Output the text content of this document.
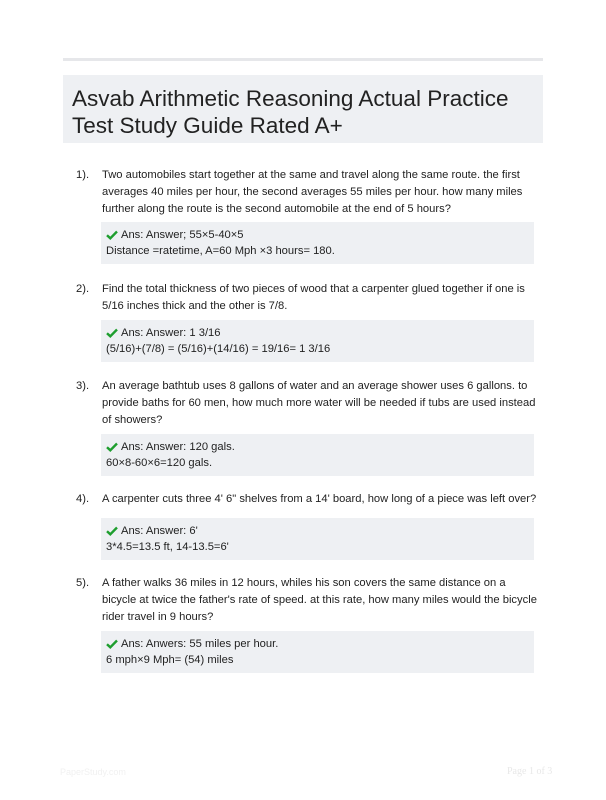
Asvab Arithmetic Reasoning Actual Practice Test Study Guide Rated A+
1). Two automobiles start together at the same and travel along the same route. the first averages 40 miles per hour, the second averages 55 miles per hour. how many miles further along the route is the second automobile at the end of 5 hours?
Ans: Answer; 55×5-40×5
Distance =ratetime, A=60 Mph ×3 hours= 180.
2). Find the total thickness of two pieces of wood that a carpenter glued together if one is 5/16 inches thick and the other is 7/8.
Ans: Answer: 1 3/16
(5/16)+(7/8) = (5/16)+(14/16) = 19/16= 1 3/16
3). An average bathtub uses 8 gallons of water and an average shower uses 6 gallons. to provide baths for 60 men, how much more water will be needed if tubs are used instead of showers?
Ans: Answer: 120 gals.
60×8-60×6=120 gals.
4). A carpenter cuts three 4' 6" shelves from a 14' board, how long of a piece was left over?
Ans: Answer: 6'
3*4.5=13.5 ft, 14-13.5=6'
5). A father walks 36 miles in 12 hours, whiles his son covers the same distance on a bicycle at twice the father's rate of speed. at this rate, how many miles would the bicycle rider travel in 9 hours?
Ans: Anwers: 55 miles per hour.
6 mph×9 Mph= (54) miles
PaperStudy.com	Page 1 of 3
